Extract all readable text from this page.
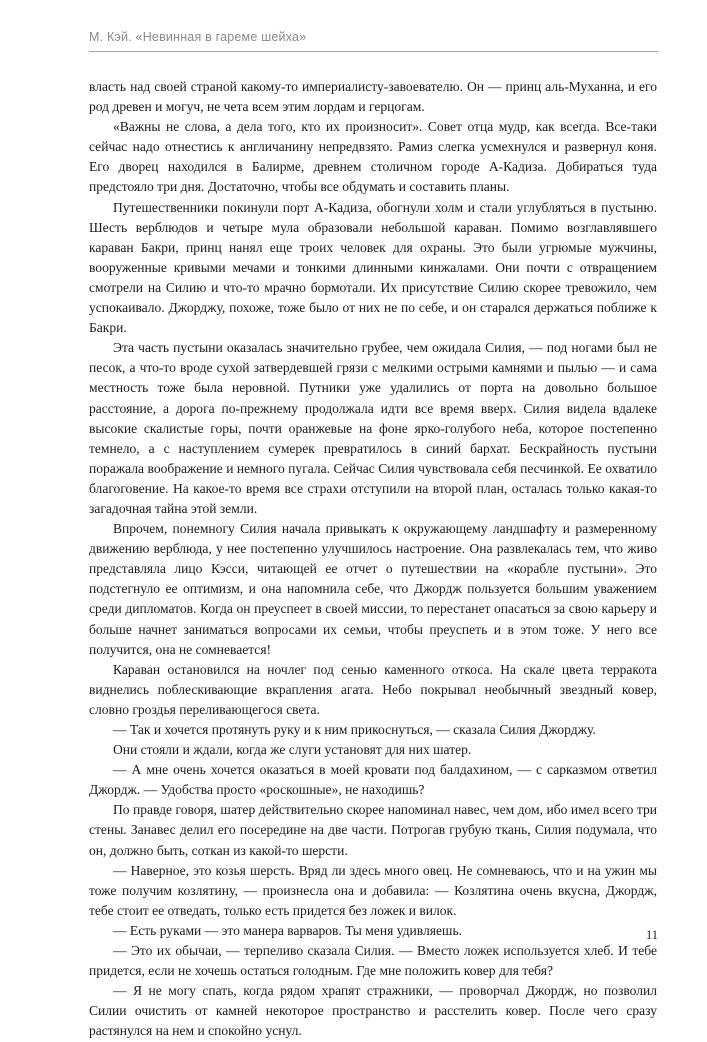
М. Кэй. «Невинная в гареме шейха»

власть над своей страной какому-то империалисту-завоевателю. Он — принц аль-Муханна, и его род древен и могуч, не чета всем этим лордам и герцогам.

«Важны не слова, а дела того, кто их произносит». Совет отца мудр, как всегда. Все-таки сейчас надо отнестись к англичанину непредвзято. Рамиз слегка усмехнулся и развернул коня. Его дворец находился в Балирме, древнем столичном городе А-Кадиза. Добираться туда предстояло три дня. Достаточно, чтобы все обдумать и составить планы.

Путешественники покинули порт А-Кадиза, обогнули холм и стали углубляться в пустыню. Шесть верблюдов и четыре мула образовали небольшой караван. Помимо возглавлявшего караван Бакри, принц нанял еще троих человек для охраны. Это были угрюмые мужчины, вооруженные кривыми мечами и тонкими длинными кинжалами. Они почти с отвращением смотрели на Силию и что-то мрачно бормотали. Их присутствие Силию скорее тревожило, чем успокаивало. Джорджу, похоже, тоже было от них не по себе, и он старался держаться поближе к Бакри.

Эта часть пустыни оказалась значительно грубее, чем ожидала Силия, — под ногами был не песок, а что-то вроде сухой затвердевшей грязи с мелкими острыми камнями и пылью — и сама местность тоже была неровной. Путники уже удалились от порта на довольно большое расстояние, а дорога по-прежнему продолжала идти все время вверх. Силия видела вдалеке высокие скалистые горы, почти оранжевые на фоне ярко-голубого неба, которое постепенно темнело, а с наступлением сумерек превратилось в синий бархат. Бескрайность пустыни поражала воображение и немного пугала. Сейчас Силия чувствовала себя песчинкой. Ее охватило благоговение. На какое-то время все страхи отступили на второй план, осталась только какая-то загадочная тайна этой земли.

Впрочем, понемногу Силия начала привыкать к окружающему ландшафту и размеренному движению верблюда, у нее постепенно улучшилось настроение. Она развлекалась тем, что живо представляла лицо Кэсси, читающей ее отчет о путешествии на «корабле пустыни». Это подстегнуло ее оптимизм, и она напомнила себе, что Джордж пользуется большим уважением среди дипломатов. Когда он преуспеет в своей миссии, то перестанет опасаться за свою карьеру и больше начнет заниматься вопросами их семьи, чтобы преуспеть и в этом тоже. У него все получится, она не сомневается!

Караван остановился на ночлег под сенью каменного откоса. На скале цвета терракота виднелись поблескивающие вкрапления агата. Небо покрывал необычный звездный ковер, словно гроздья переливающегося света.

— Так и хочется протянуть руку и к ним прикоснуться, — сказала Силия Джорджу.

Они стояли и ждали, когда же слуги установят для них шатер.

— А мне очень хочется оказаться в моей кровати под балдахином, — с сарказмом ответил Джордж. — Удобства просто «роскошные», не находишь?

По правде говоря, шатер действительно скорее напоминал навес, чем дом, ибо имел всего три стены. Занавес делил его посередине на две части. Потрогав грубую ткань, Силия подумала, что он, должно быть, соткан из какой-то шерсти.

— Наверное, это козья шерсть. Вряд ли здесь много овец. Не сомневаюсь, что и на ужин мы тоже получим козлятину, — произнесла она и добавила: — Козлятина очень вкусна, Джордж, тебе стоит ее отведать, только есть придется без ложек и вилок.

— Есть руками — это манера варваров. Ты меня удивляешь.

— Это их обычаи, — терпеливо сказала Силия. — Вместо ложек используется хлеб. И тебе придется, если не хочешь остаться голодным. Где мне положить ковер для тебя?

— Я не могу спать, когда рядом храпят стражники, — проворчал Джордж, но позволил Силии очистить от камней некоторое пространство и расстелить ковер. После чего сразу растянулся на нем и спокойно уснул.

11
